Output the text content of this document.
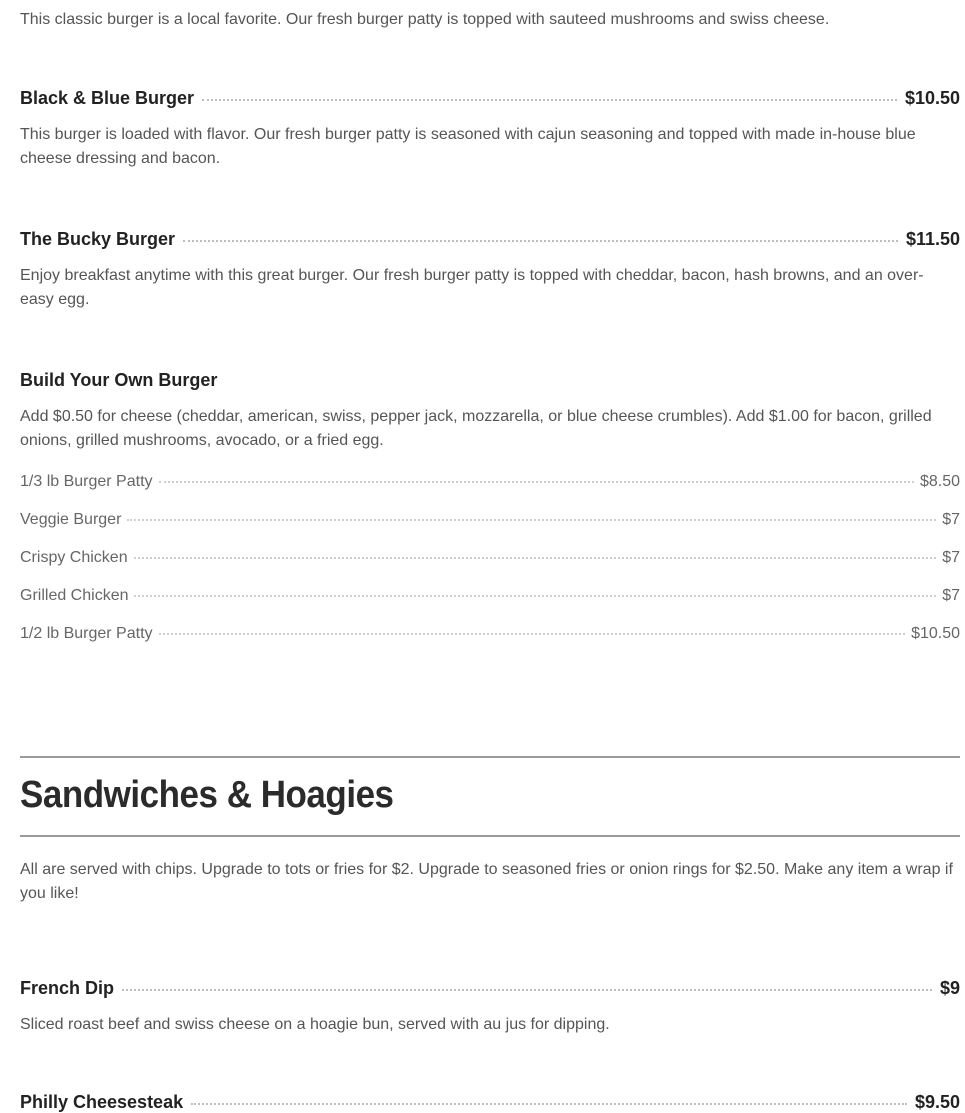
This classic burger is a local favorite. Our fresh burger patty is topped with sauteed mushrooms and swiss cheese.

Black & Blue Burger	$10.50

This burger is loaded with flavor. Our fresh burger patty is seasoned with cajun seasoning and topped with made in-house blue cheese dressing and bacon.

The Bucky Burger	$11.50

Enjoy breakfast anytime with this great burger. Our fresh burger patty is topped with cheddar, bacon, hash browns, and an over-easy egg.

Build Your Own Burger

Add $0.50 for cheese (cheddar, american, swiss, pepper jack, mozzarella, or blue cheese crumbles). Add $1.00 for bacon, grilled onions, grilled mushrooms, avocado, or a fried egg.

1/3 lb Burger Patty	$8.50
Veggie Burger	$7
Crispy Chicken	$7
Grilled Chicken	$7
1/2 lb Burger Patty	$10.50
Sandwiches & Hoagies

All are served with chips. Upgrade to tots or fries for $2. Upgrade to seasoned fries or onion rings for $2.50. Make any item a wrap if you like!

French Dip	$9

Sliced roast beef and swiss cheese on a hoagie bun, served with au jus for dipping.

Philly Cheesesteak	$9.50
